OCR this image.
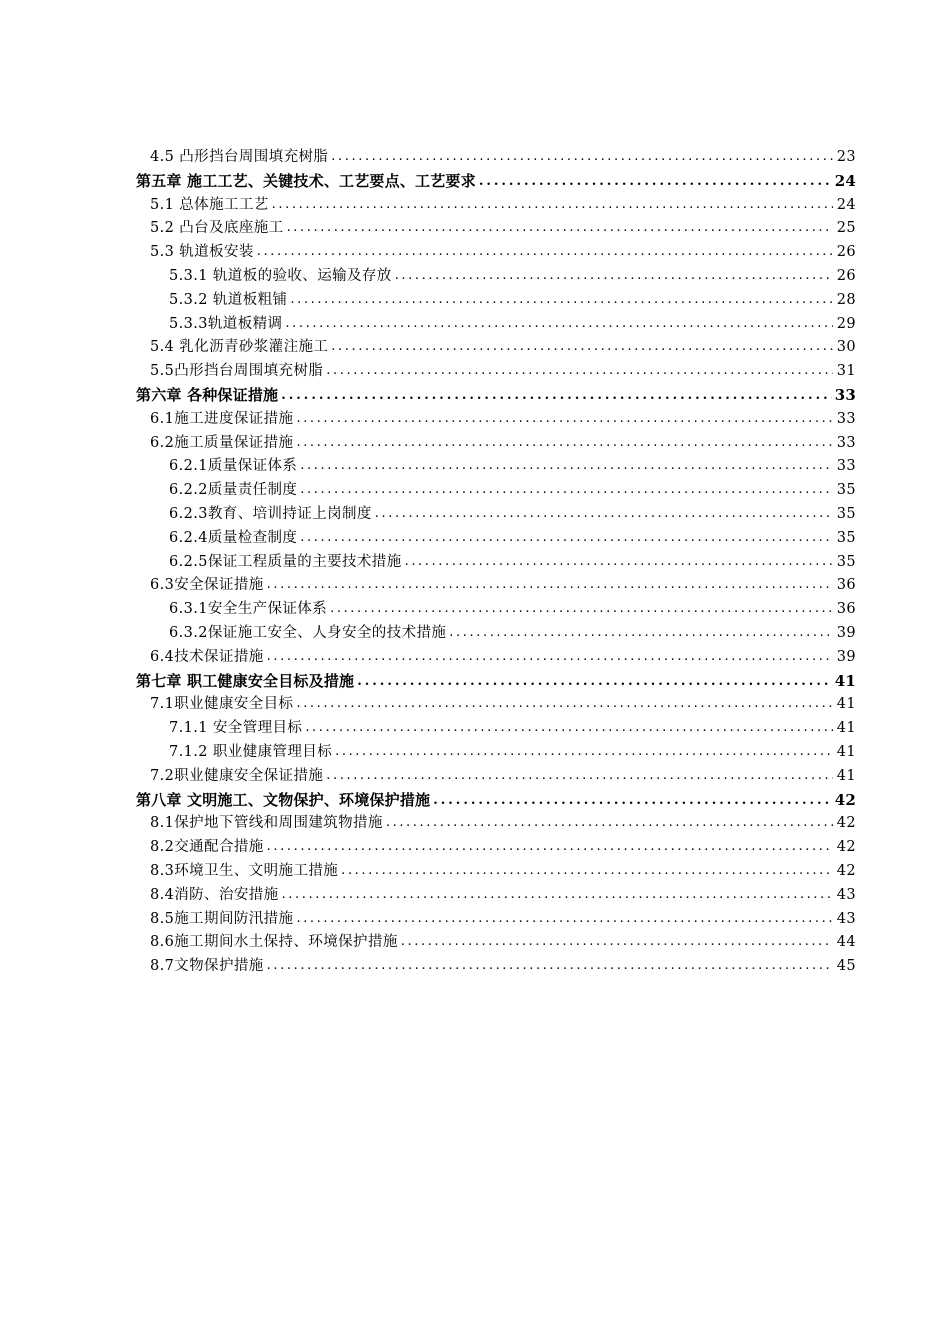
4.5 凸形挡台周围填充树脂 .....	23
第五章 施工工艺、关键技术、工艺要点、工艺要求 .....	24
5.1 总体施工工艺 .....	24
5.2 凸台及底座施工 .....	25
5.3 轨道板安装 .....	26
5.3.1 轨道板的验收、运输及存放 .....	26
5.3.2 轨道板粗铺 .....	28
5.3.3轨道板精调 .....	29
5.4 乳化沥青砂浆灌注施工 .....	30
5.5凸形挡台周围填充树脂 .....	31
第六章 各种保证措施 .....	33
6.1施工进度保证措施 .....	33
6.2施工质量保证措施 .....	33
6.2.1质量保证体系 .....	33
6.2.2质量责任制度 .....	35
6.2.3教育、培训持证上岗制度 .....	35
6.2.4质量检查制度 .....	35
6.2.5保证工程质量的主要技术措施 .....	35
6.3安全保证措施 .....	36
6.3.1安全生产保证体系 .....	36
6.3.2保证施工安全、人身安全的技术措施 .....	39
6.4技术保证措施 .....	39
第七章 职工健康安全目标及措施 .....	41
7.1职业健康安全目标 .....	41
7.1.1 安全管理目标 .....	41
7.1.2 职业健康管理目标 .....	41
7.2职业健康安全保证措施 .....	41
第八章 文明施工、文物保护、环境保护措施 .....	42
8.1保护地下管线和周围建筑物措施 .....	42
8.2交通配合措施 .....	42
8.3环境卫生、文明施工措施 .....	42
8.4消防、治安措施 .....	43
8.5施工期间防汛措施 .....	43
8.6施工期间水土保持、环境保护措施 .....	44
8.7文物保护措施 .....	45
